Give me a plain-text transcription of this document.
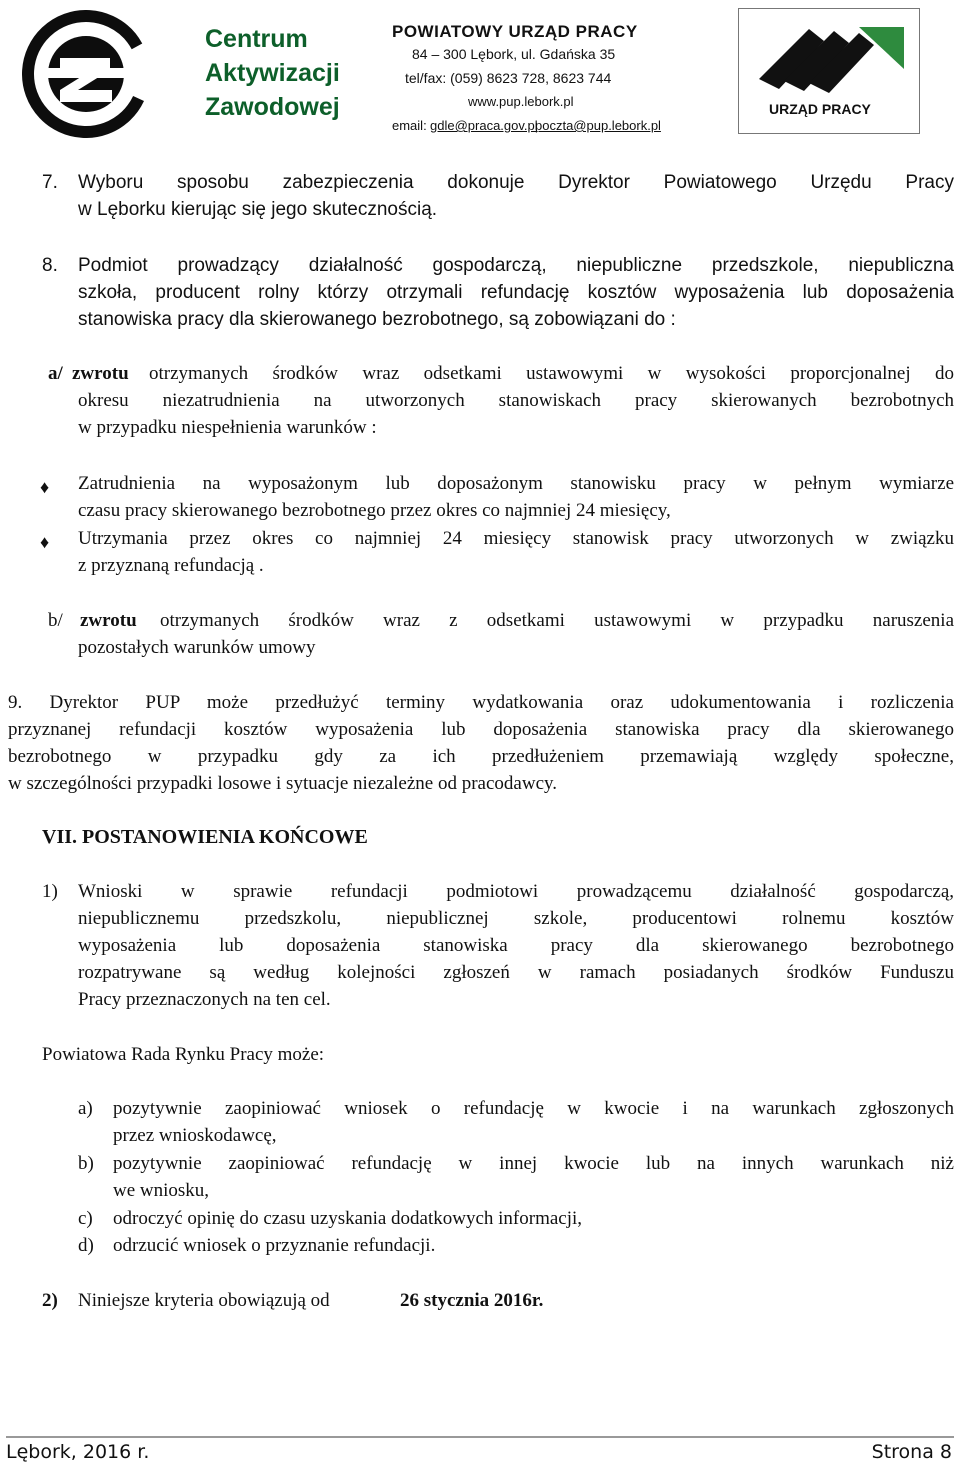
Centrum
Aktywizacji
Zawodowej
POWIATOWY URZĄD PRACY
84 – 300 Lębork, ul. Gdańska 35
tel/fax: (059) 8623 728, 8623 744
www.pup.lebork.pl
email: gdle@praca.gov.pl
poczta@pup.lebork.pl
URZĄD PRACY
7. Wyboru sposobu zabezpieczenia dokonuje Dyrektor Powiatowego Urzędu Pracy
w Lęborku kierując się jego skutecznością.
8. Podmiot prowadzący działalność gospodarczą, niepubliczne przedszkole, niepubliczna
szkoła, producent rolny którzy otrzymali refundację kosztów wyposażenia lub doposażenia
stanowiska pracy dla skierowanego bezrobotnego, są zobowiązani do :
a/ zwrotu otrzymanych środków wraz odsetkami ustawowymi w wysokości proporcjonalnej do
okresu niezatrudnienia na utworzonych stanowiskach pracy skierowanych bezrobotnych
w przypadku niespełnienia warunków :
♦ Zatrudnienia na wyposażonym lub doposażonym stanowisku pracy w pełnym wymiarze
czasu pracy skierowanego bezrobotnego przez okres co najmniej 24 miesięcy,
♦ Utrzymania przez okres co najmniej 24 miesięcy stanowisk pracy utworzonych w związku
z przyznaną refundacją .
b/ zwrotu otrzymanych środków wraz z odsetkami ustawowymi w przypadku naruszenia
pozostałych warunków umowy
9. Dyrektor PUP może przedłużyć terminy wydatkowania oraz udokumentowania i rozliczenia
przyznanej refundacji kosztów wyposażenia lub doposażenia stanowiska pracy dla skierowanego
bezrobotnego w przypadku gdy za ich przedłużeniem przemawiają względy społeczne,
w szczególności przypadki losowe i sytuacje niezależne od pracodawcy.
VII. POSTANOWIENIA KOŃCOWE
1) Wnioski w sprawie refundacji podmiotowi prowadzącemu działalność gospodarczą,
niepublicznemu przedszkolu, niepublicznej szkole, producentowi rolnemu kosztów
wyposażenia lub doposażenia stanowiska pracy dla skierowanego bezrobotnego
rozpatrywane są według kolejności zgłoszeń w ramach posiadanych środków Funduszu
Pracy przeznaczonych na ten cel.
Powiatowa Rada Rynku Pracy może:
a) pozytywnie zaopiniować wniosek o refundację w kwocie i na warunkach zgłoszonych
przez wnioskodawcę,
b) pozytywnie zaopiniować refundację w innej kwocie lub na innych warunkach niż
we wniosku,
c) odroczyć opinię do czasu uzyskania dodatkowych informacji,
d) odrzucić wniosek o przyznanie refundacji.
2) Niniejsze kryteria obowiązują od	26 stycznia 2016r.
Lębork, 2016 r.	Strona 8
